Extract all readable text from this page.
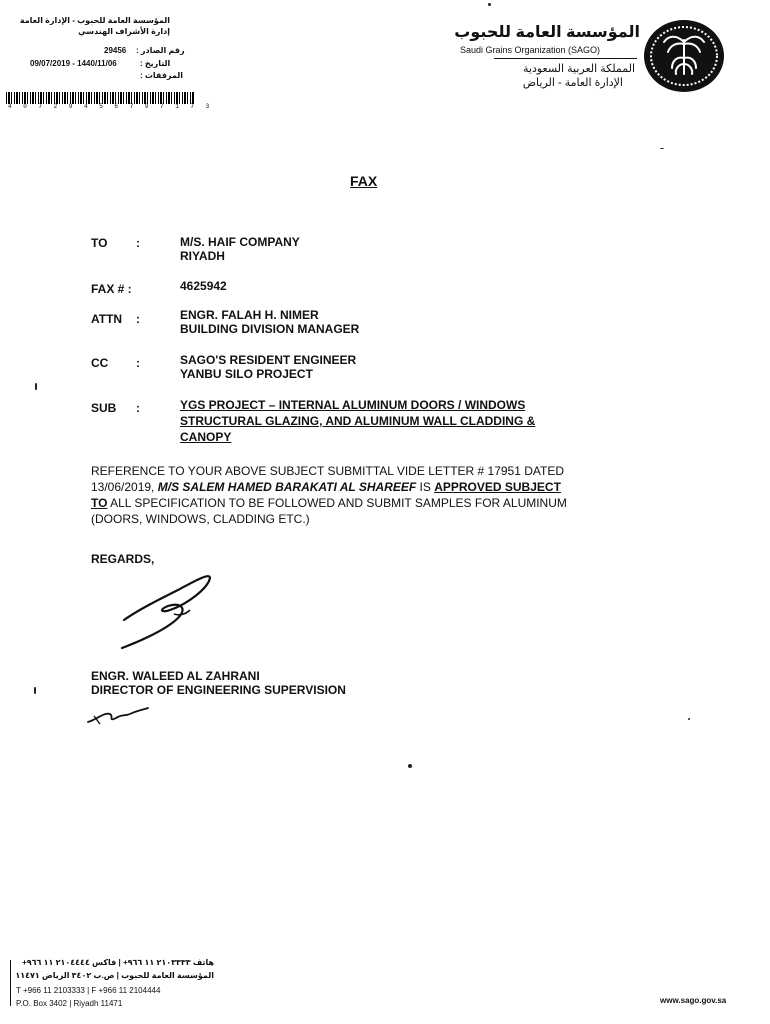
المؤسسة العامة للحبوب - الإدارة العامة
إدارة الأشراف الهندسي
29456 رقم الصادر :
09/07/2019 - 1440/11/06	التاريخ :
المرفقات :
4 0 7 2 9 4 5 6 7 9 7 1 7 3
المؤسسة العامة للحبوب
Saudi Grains Organization (SAGO)
المملكة العربية السعودية
الإدارة العامة - الرياض
FAX
TO :	M/S. HAIF COMPANY
RIYADH
FAX # :	4625942
ATTN :	ENGR. FALAH H. NIMER
BUILDING DIVISION MANAGER
CC :	SAGO'S RESIDENT ENGINEER
YANBU SILO PROJECT
SUB :	YGS PROJECT – INTERNAL ALUMINUM DOORS / WINDOWS
STRUCTURAL GLAZING, AND ALUMINUM WALL CLADDING &
CANOPY
REFERENCE TO YOUR ABOVE SUBJECT SUBMITTAL VIDE LETTER # 17951 DATED
13/06/2019, M/S SALEM HAMED BARAKATI AL SHAREEF IS APPROVED SUBJECT
TO ALL SPECIFICATION TO BE FOLLOWED AND SUBMIT SAMPLES FOR ALUMINUM
(DOORS, WINDOWS, CLADDING ETC.)
REGARDS,
ENGR. WALEED AL ZAHRANI
DIRECTOR OF ENGINEERING SUPERVISION
هاتف ٢١٠٣٣٣٣ ١١ ٩٦٦+ | فاكس ٢١٠٤٤٤٤ ١١ ٩٦٦+
المؤسسة العامة للحبوب | ص.ب ٣٤٠٢ الرياض ١١٤٧١
T +966 11 2103333 | F +966 11 2104444
P.O. Box 3402 | Riyadh 11471	www.sago.gov.sa
